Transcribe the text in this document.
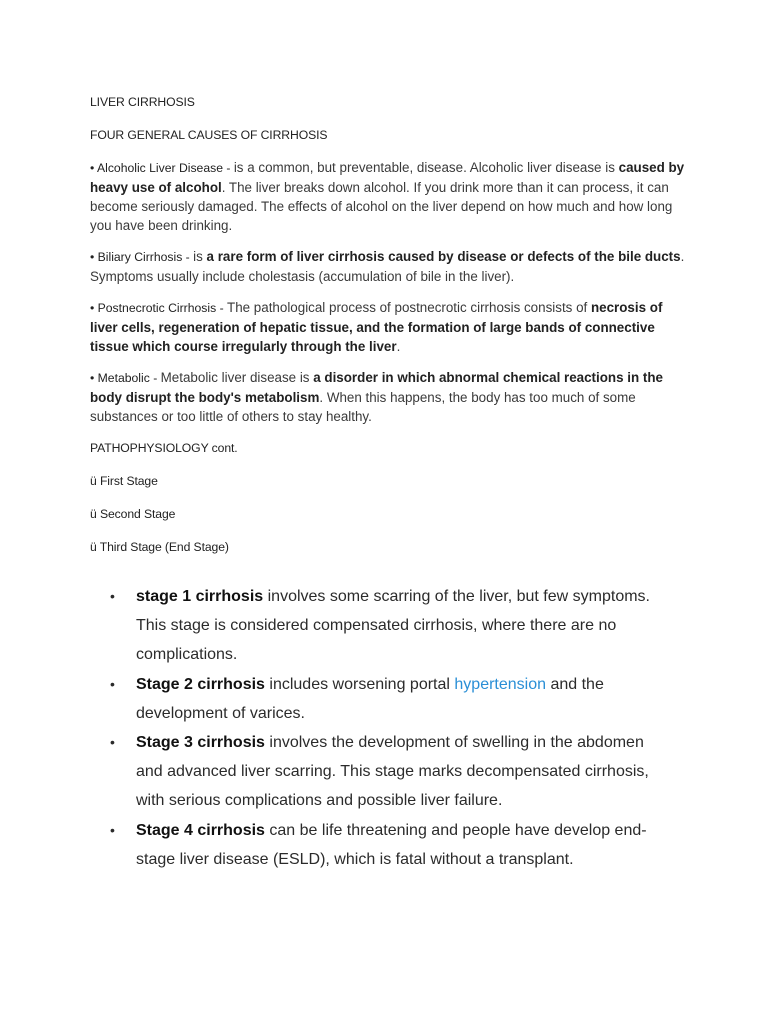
LIVER CIRRHOSIS

FOUR GENERAL CAUSES OF CIRRHOSIS

• Alcoholic Liver Disease - is a common, but preventable, disease. Alcoholic liver disease is caused by heavy use of alcohol. The liver breaks down alcohol. If you drink more than it can process, it can become seriously damaged. The effects of alcohol on the liver depend on how much and how long you have been drinking.

• Biliary Cirrhosis - is a rare form of liver cirrhosis caused by disease or defects of the bile ducts. Symptoms usually include cholestasis (accumulation of bile in the liver).

• Postnecrotic Cirrhosis - The pathological process of postnecrotic cirrhosis consists of necrosis of liver cells, regeneration of hepatic tissue, and the formation of large bands of connective tissue which course irregularly through the liver.

• Metabolic - Metabolic liver disease is a disorder in which abnormal chemical reactions in the body disrupt the body's metabolism. When this happens, the body has too much of some substances or too little of others to stay healthy.

PATHOPHYSIOLOGY cont.

ü First Stage

ü Second Stage

ü Third Stage (End Stage)

• stage 1 cirrhosis involves some scarring of the liver, but few symptoms. This stage is considered compensated cirrhosis, where there are no complications.
• Stage 2 cirrhosis includes worsening portal hypertension and the development of varices.
• Stage 3 cirrhosis involves the development of swelling in the abdomen and advanced liver scarring. This stage marks decompensated cirrhosis, with serious complications and possible liver failure.
• Stage 4 cirrhosis can be life threatening and people have develop end-stage liver disease (ESLD), which is fatal without a transplant.
